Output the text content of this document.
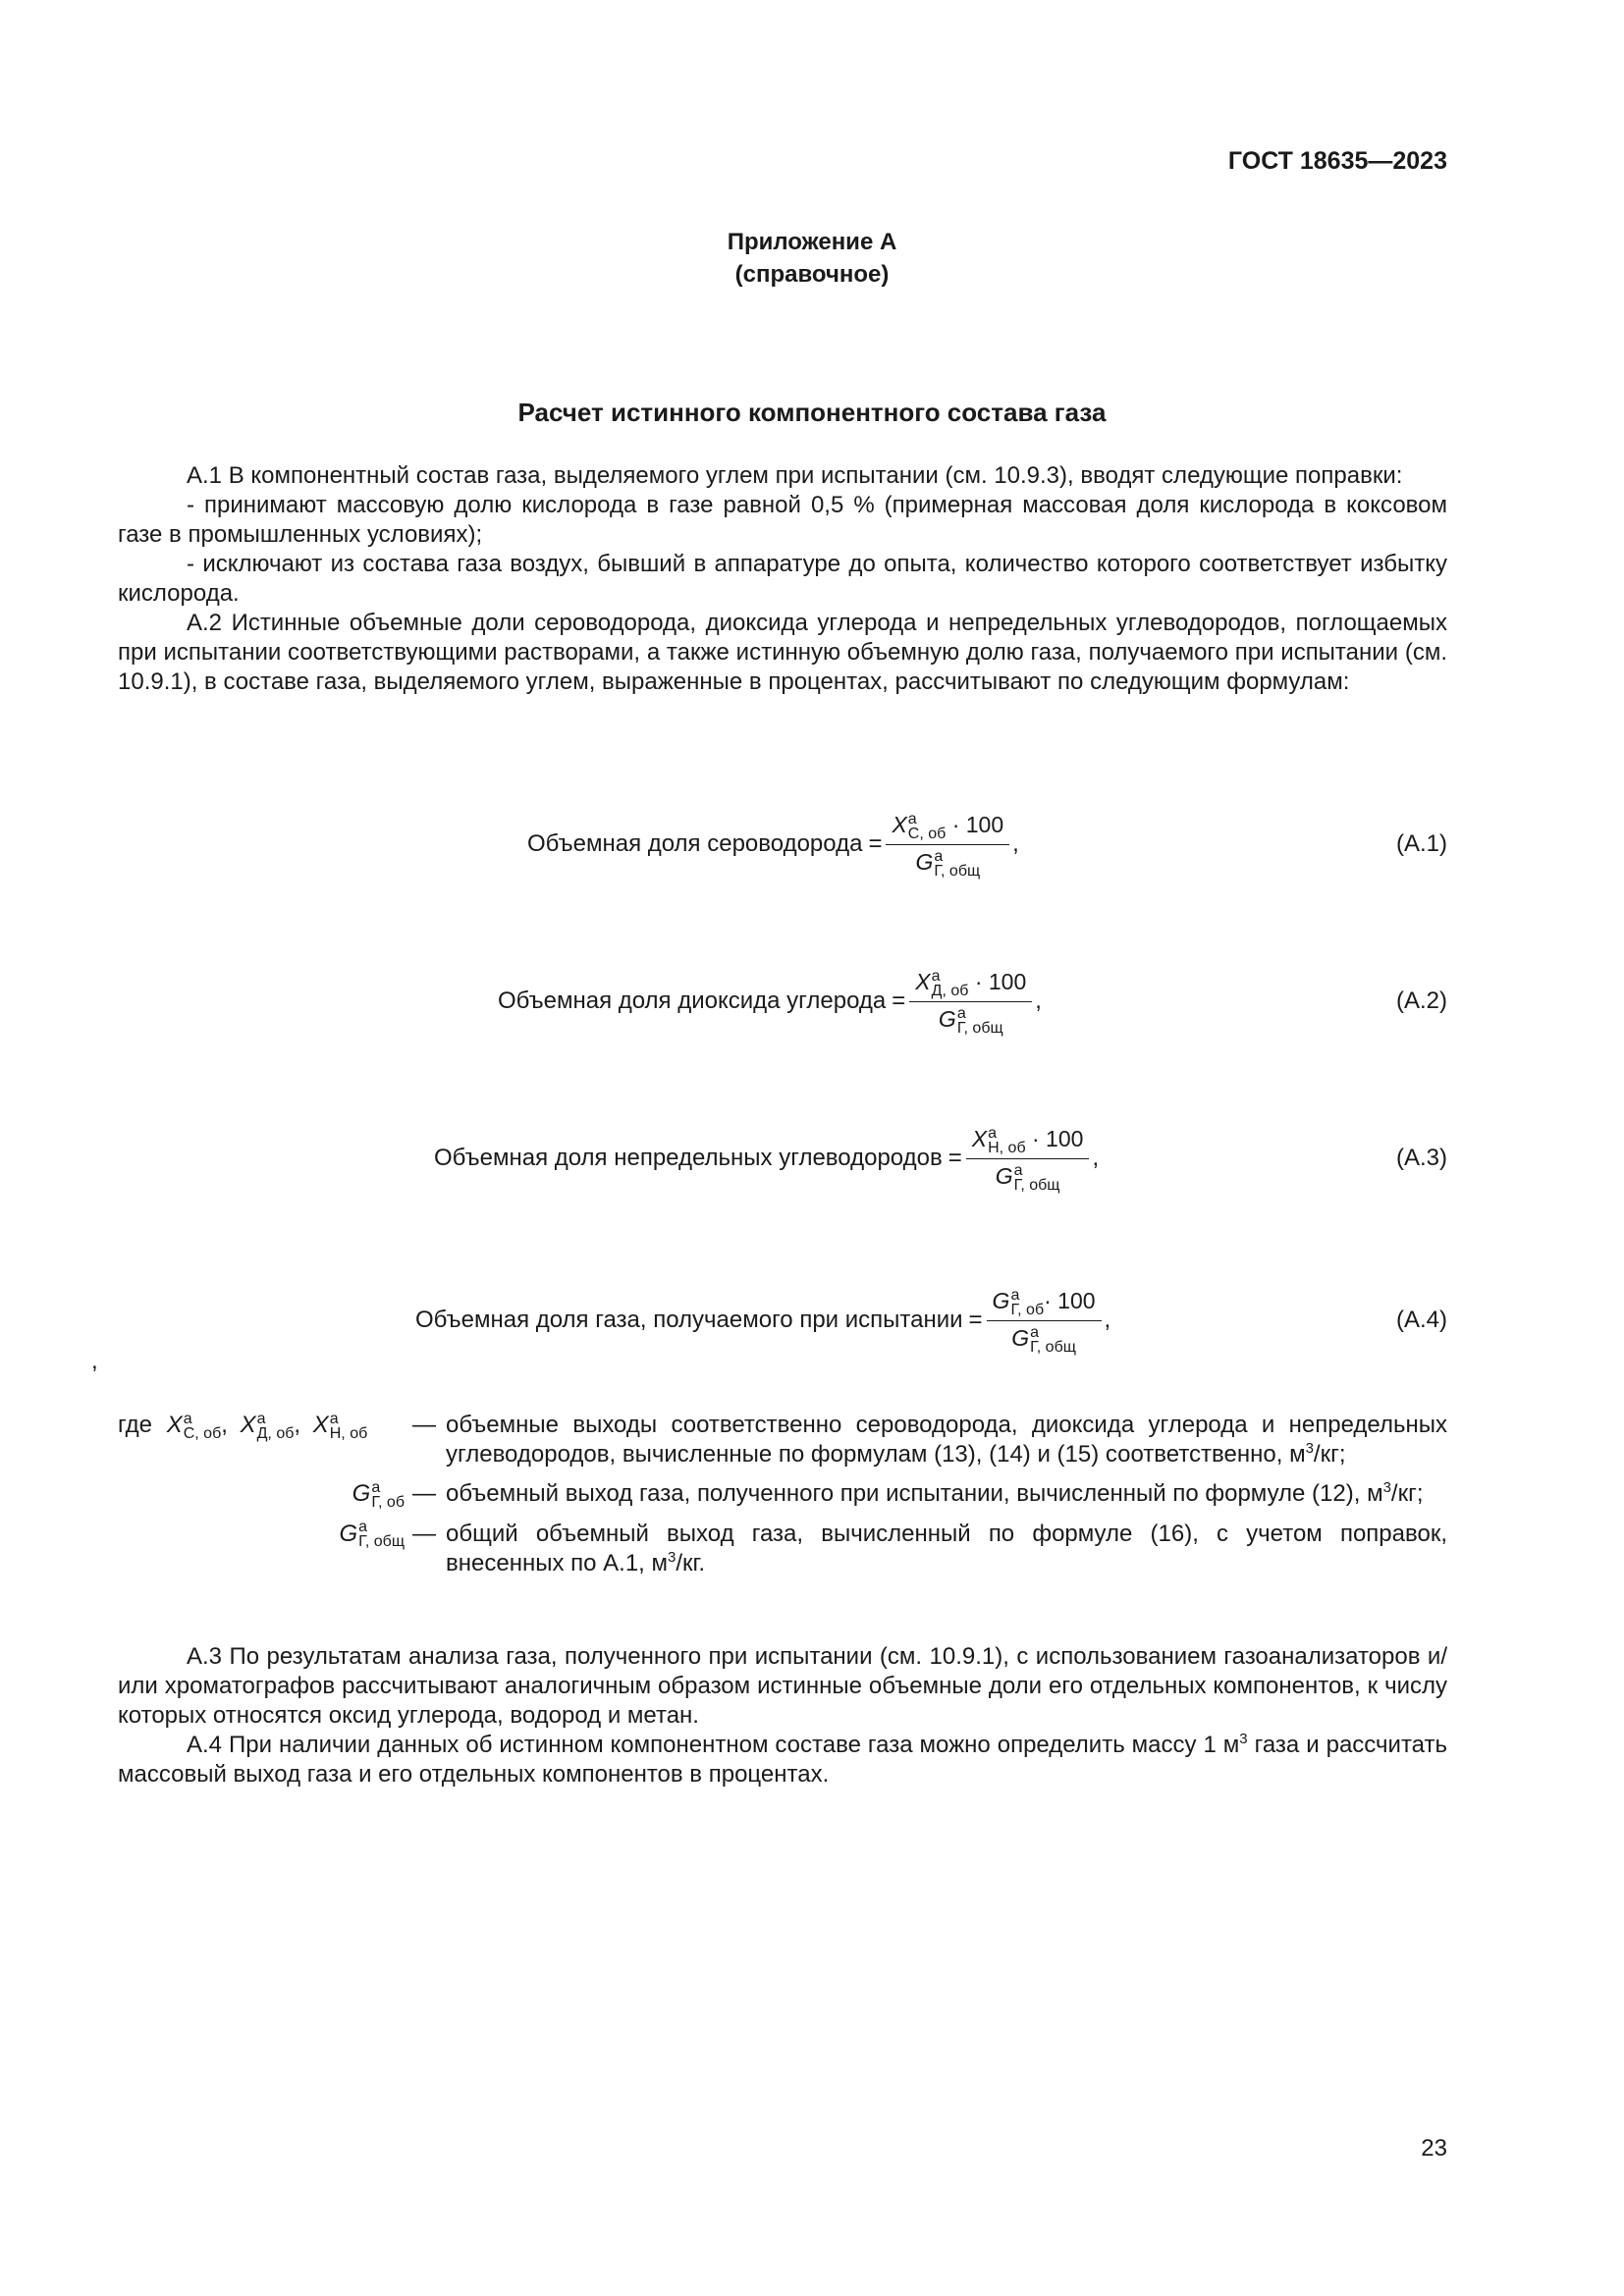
ГОСТ 18635—2023
Приложение А
(справочное)
Расчет истинного компонентного состава газа

А.1 В компонентный состав газа, выделяемого углем при испытании (см. 10.9.3), вводят следующие поправки:

- принимают массовую долю кислорода в газе равной 0,5 % (примерная массовая доля кислорода в коксовом газе в промышленных условиях);

- исключают из состава газа воздух, бывший в аппаратуре до опыта, количество которого соответствует избытку кислорода.

А.2 Истинные объемные доли сероводорода, диоксида углерода и непредельных углеводородов, поглощаемых при испытании соответствующими растворами, а также истинную объемную долю газа, получаемого при испытании (см. 10.9.1), в составе газа, выделяемого углем, выраженные в процентах, рассчитывают по следующим формулам:

Объемная доля сероводорода = X a
С, об · 100
G a
Г, общ ,	(А.1)
Объемная доля диоксида углерода = X a
Д, об · 100
G a
Г, общ ,	(А.2)
Объемная доля непредельных углеводородов = X a
Н, об · 100
G a
Г, общ ,	(А.3)
Объемная доля газа, получаемого при испытании = G a
Г, об · 100
G a
Г, общ ,	(А.4)
,
где X a
С, об , X a
Д, об , X a
Н, об — объемные выходы соответственно сероводорода, диоксида углерода и непредельных углеводородов, вычисленные по формулам (13), (14) и (15) соответственно, $м^3/кг$;
G a
Г, об — объемный выход газа, полученного при испытании, вычисленный по формуле (12), $м^3/кг$;
G a
Г, общ — общий объемный выход газа, вычисленный по формуле (16), с учетом поправок, внесенных по А.1, $м^3/кг$.

А.3 По результатам анализа газа, полученного при испытании (см. 10.9.1), с использованием газоанализаторов и/или хроматографов рассчитывают аналогичным образом истинные объемные доли его отдельных компонентов, к числу которых относятся оксид углерода, водород и метан.

А.4 При наличии данных об истинном компонентном составе газа можно определить массу 1 $м^3$ газа и рассчитать массовый выход газа и его отдельных компонентов в процентах.

23
